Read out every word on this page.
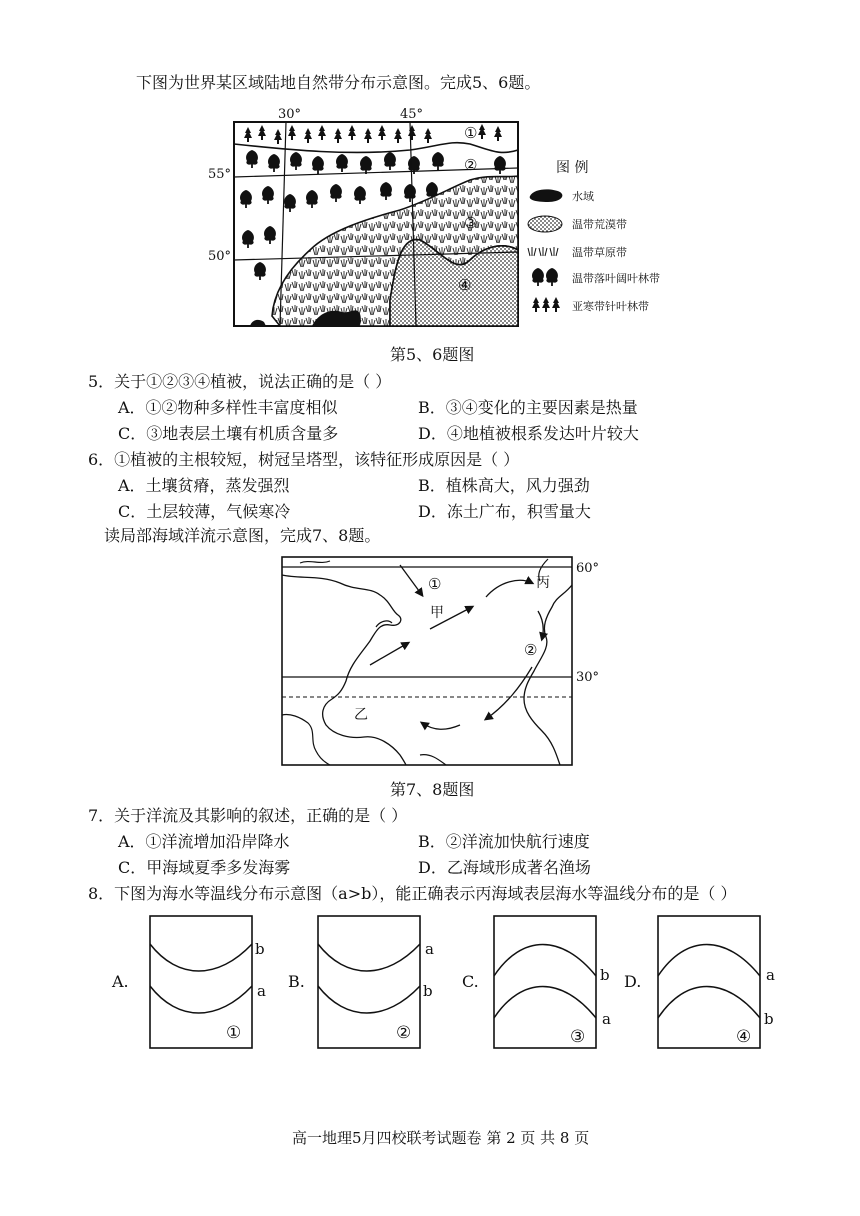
下图为世界某区域陆地自然带分布示意图。完成5、6题。
30°	45°
55°
50°
①
②
③
④
图 例
水域
温带荒漠带
温带草原带
温带落叶阔叶林带
亚寒带针叶林带
第5、6题图
5．关于①②③④植被，说法正确的是（ ）
A．①②物种多样性丰富度相似	B．③④变化的主要因素是热量
C．③地表层土壤有机质含量多	D．④地植被根系发达叶片较大
6．①植被的主根较短，树冠呈塔型，该特征形成原因是（ ）
A．土壤贫瘠，蒸发强烈	B．植株高大，风力强劲
C．土层较薄，气候寒冷	D．冻土广布，积雪量大
读局部海域洋流示意图，完成7、8题。
①
甲
丙
②
乙
60°
30°
第7、8题图
7．关于洋流及其影响的叙述，正确的是（ ）
A．①洋流增加沿岸降水	B．②洋流加快航行速度
C．甲海域夏季多发海雾	D．乙海域形成著名渔场
8．下图为海水等温线分布示意图（a>b），能正确表示丙海域表层海水等温线分布的是（ ）
A.
b
a
①
B.
a
b
②
C.	b
a
③
D.	a
b
④
高一地理5月四校联考试题卷 第 2 页 共 8 页
